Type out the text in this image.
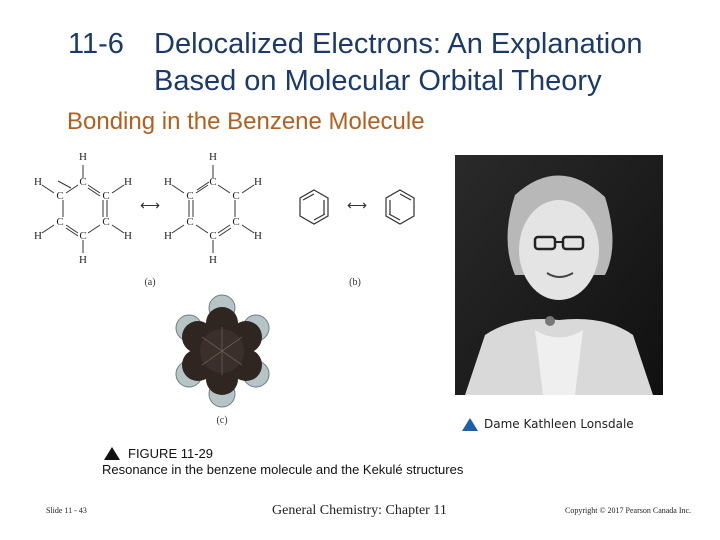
11-6 Delocalized Electrons: An Explanation
Based on Molecular Orbital Theory
Bonding in the Benzene Molecule
H
C
C
C
C
C
C
H	H
H	H
H
⟷
H
C
C
C
C
C
C
H	H
H	H
H
(a)
⟷
(b)
(c)	Dame Kathleen Lonsdale
FIGURE 11-29
Resonance in the benzene molecule and the Kekulé structures
Slide 11 - 43	General Chemistry: Chapter 11	Copyright © 2017 Pearson Canada Inc.
